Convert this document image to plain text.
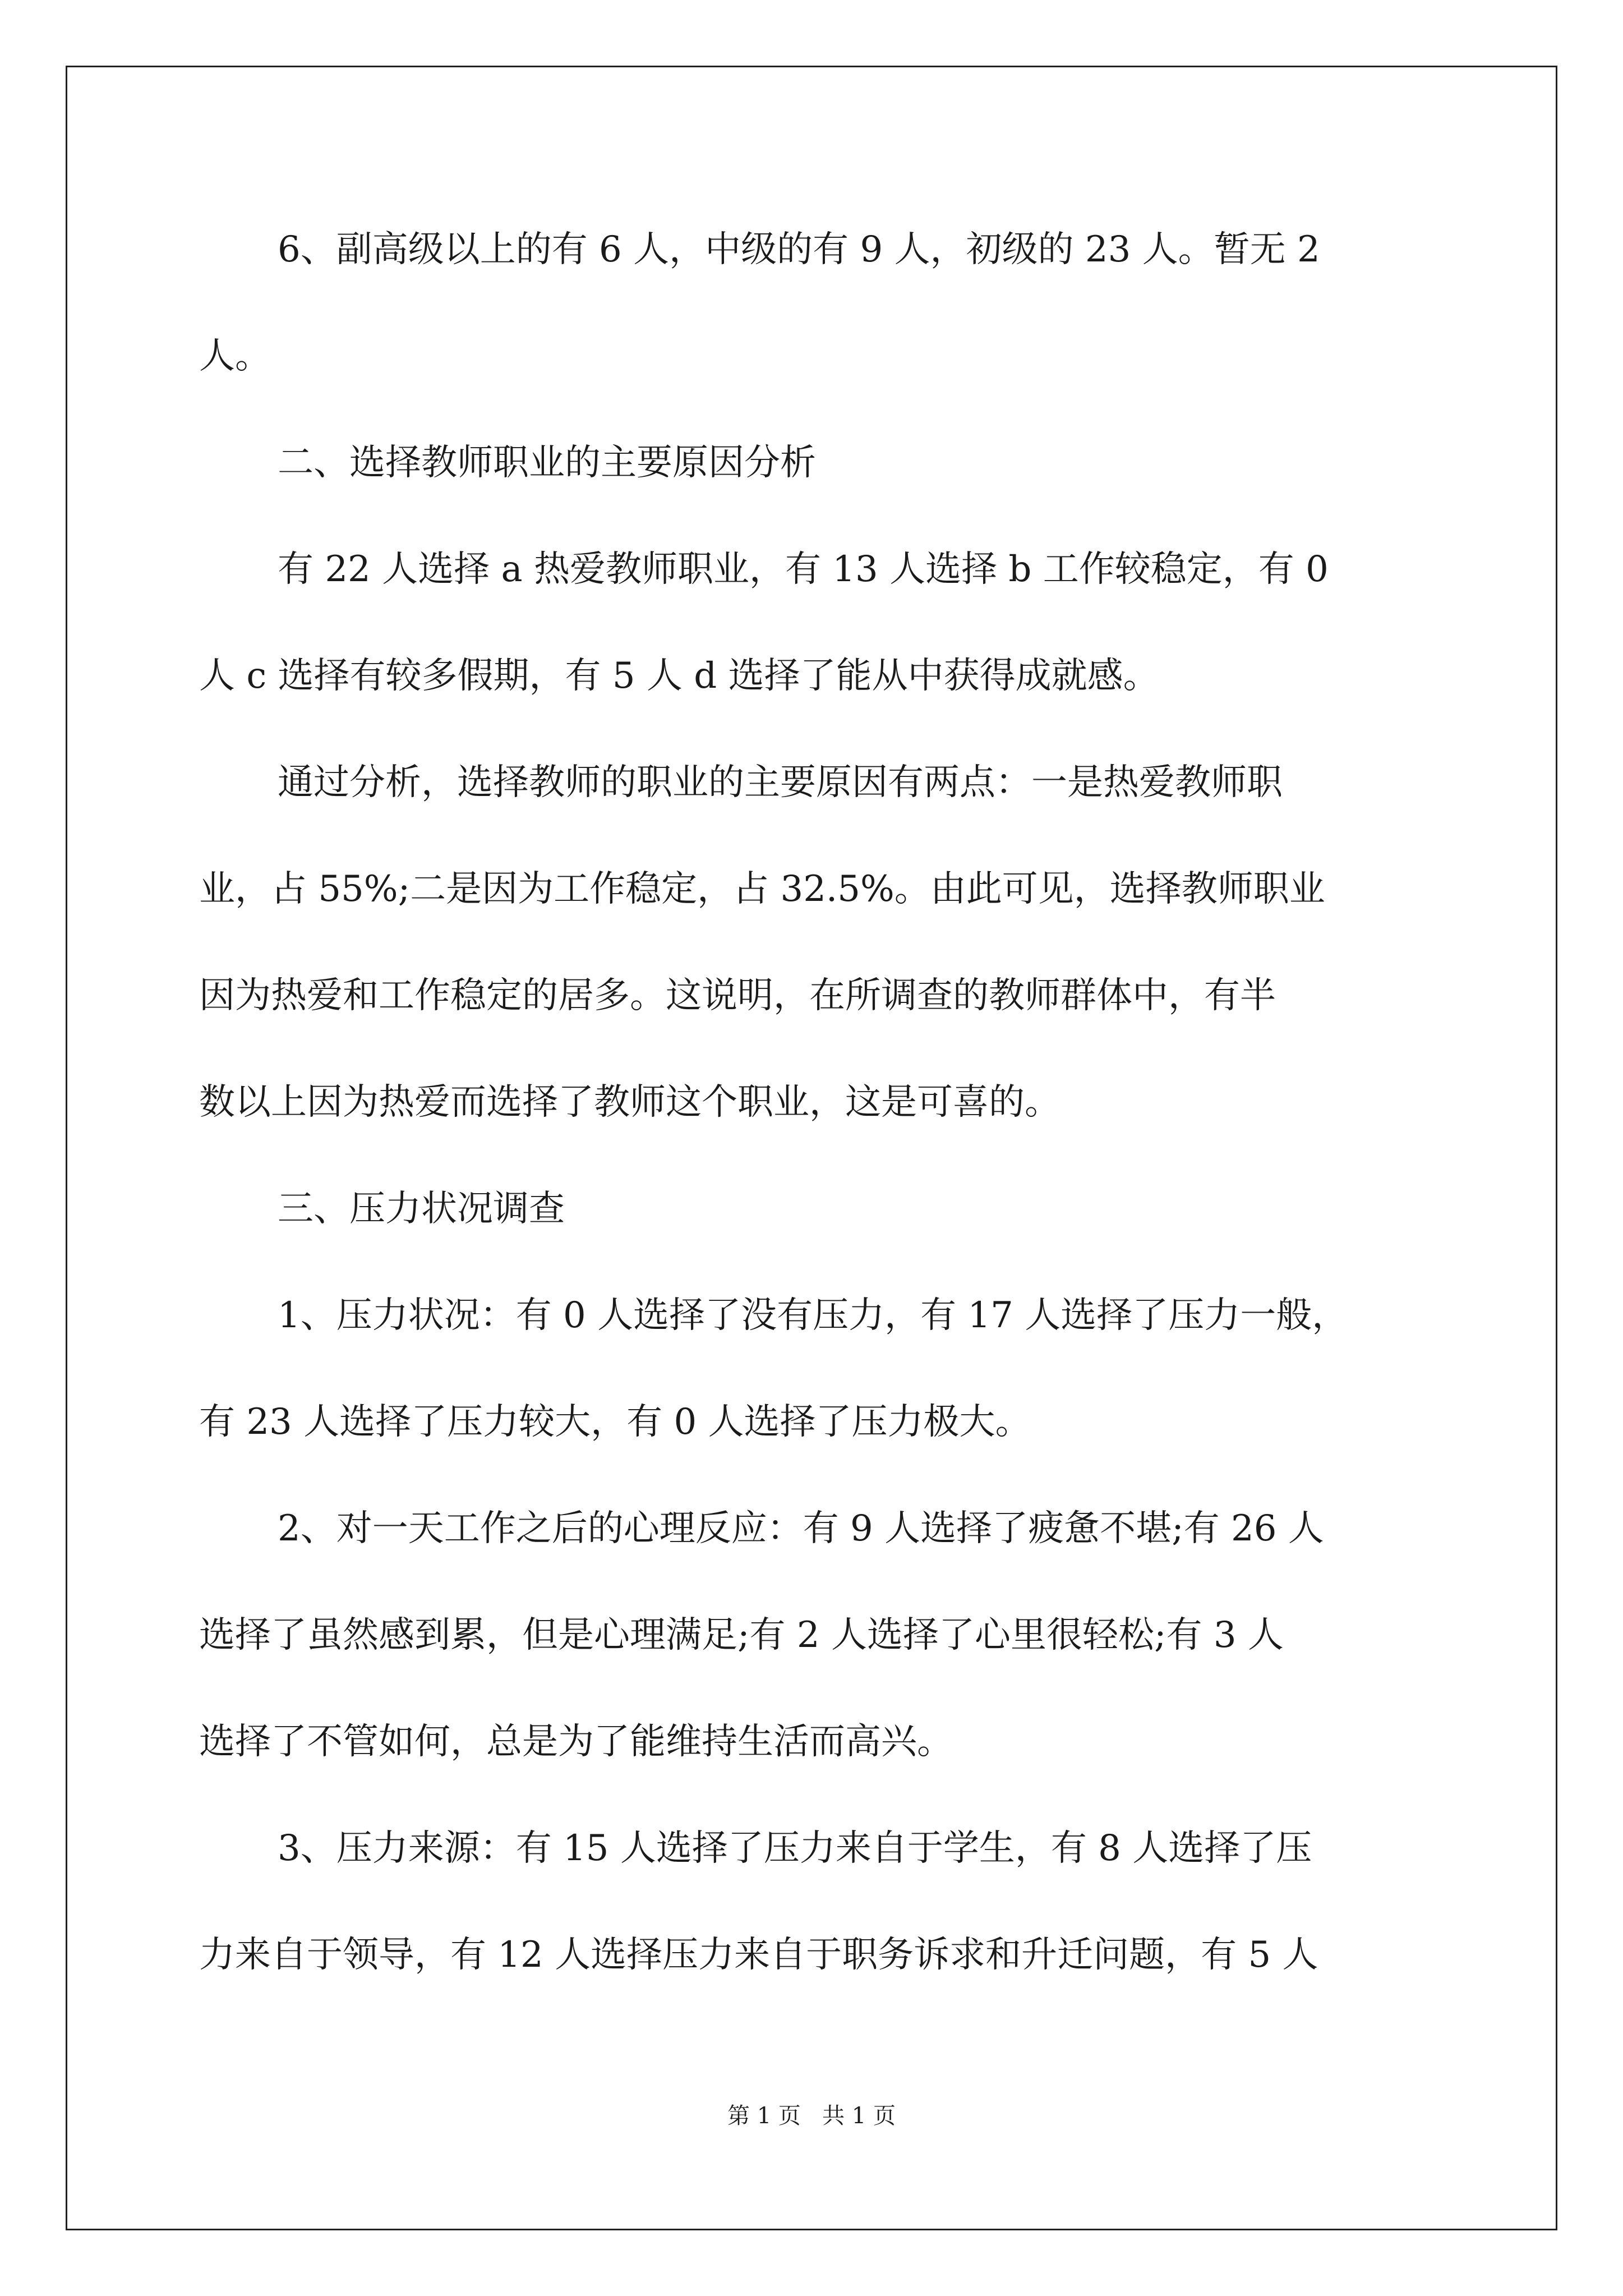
6、副高级以上的有 6 人，中级的有 9 人，初级的 23 人。暂无 2
人。
二、选择教师职业的主要原因分析
有 22 人选择 a 热爱教师职业，有 13 人选择 b 工作较稳定，有 0
人 c 选择有较多假期，有 5 人 d 选择了能从中获得成就感。
通过分析，选择教师的职业的主要原因有两点：一是热爱教师职
业，占 55%;二是因为工作稳定，占 32.5%。由此可见，选择教师职业
因为热爱和工作稳定的居多。这说明，在所调查的教师群体中，有半
数以上因为热爱而选择了教师这个职业，这是可喜的。
三、压力状况调查
1、压力状况：有 0 人选择了没有压力，有 17 人选择了压力一般，
有 23 人选择了压力较大，有 0 人选择了压力极大。
2、对一天工作之后的心理反应：有 9 人选择了疲惫不堪;有 26 人
选择了虽然感到累，但是心理满足;有 2 人选择了心里很轻松;有 3 人
选择了不管如何，总是为了能维持生活而高兴。
3、压力来源：有 15 人选择了压力来自于学生，有 8 人选择了压
力来自于领导，有 12 人选择压力来自于职务诉求和升迁问题，有 5 人
第 1 页   共 1 页
